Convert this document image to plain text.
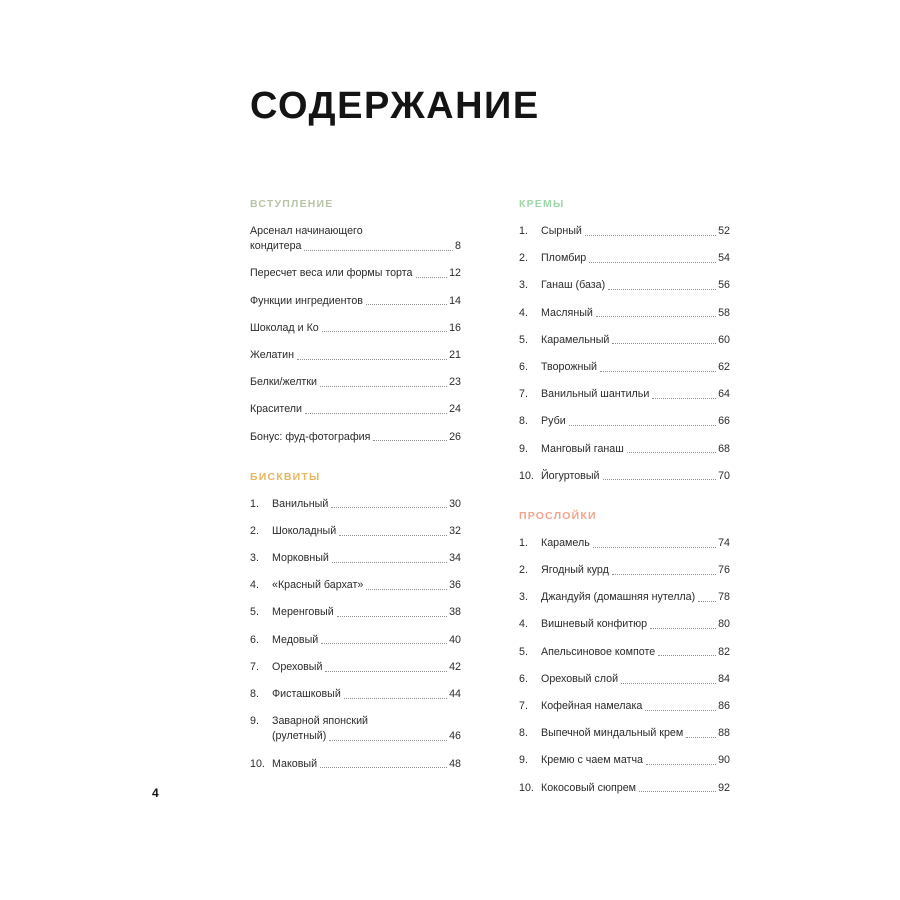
СОДЕРЖАНИЕ
ВСТУПЛЕНИЕ
Арсенал начинающего
кондитера	8
Пересчет веса или формы торта	12
Функции ингредиентов	14
Шоколад и Ко	16
Желатин	21
Белки/желтки	23
Красители	24
Бонус: фуд-фотография	26
БИСКВИТЫ
1.	Ванильный	30
2.	Шоколадный	32
3.	Морковный	34
4.	«Красный бархат»	36
5.	Меренговый	38
6.	Медовый	40
7.	Ореховый	42
8.	Фисташковый	44
9.	Заварной японский
(рулетный)	46
10. Маковый	48
КРЕМЫ
1.	Сырный	52
2.	Пломбир	54
3.	Ганаш (база)	56
4.	Масляный	58
5.	Карамельный	60
6.	Творожный	62
7.	Ванильный шантильи	64
8.	Руби	66
9.	Манговый ганаш	68
10. Йогуртовый	70
ПРОСЛОЙКИ
1.	Карамель	74
2.	Ягодный курд	76
3.	Джандуйя (домашняя нутелла) 78
4.	Вишневый конфитюр	80
5.	Апельсиновое компоте	82
6.	Ореховый слой	84
7.	Кофейная намелака	86
8.	Выпечной миндальный крем	88
9.	Кремю с чаем матча	90
10. Кокосовый сюпрем	92
4
